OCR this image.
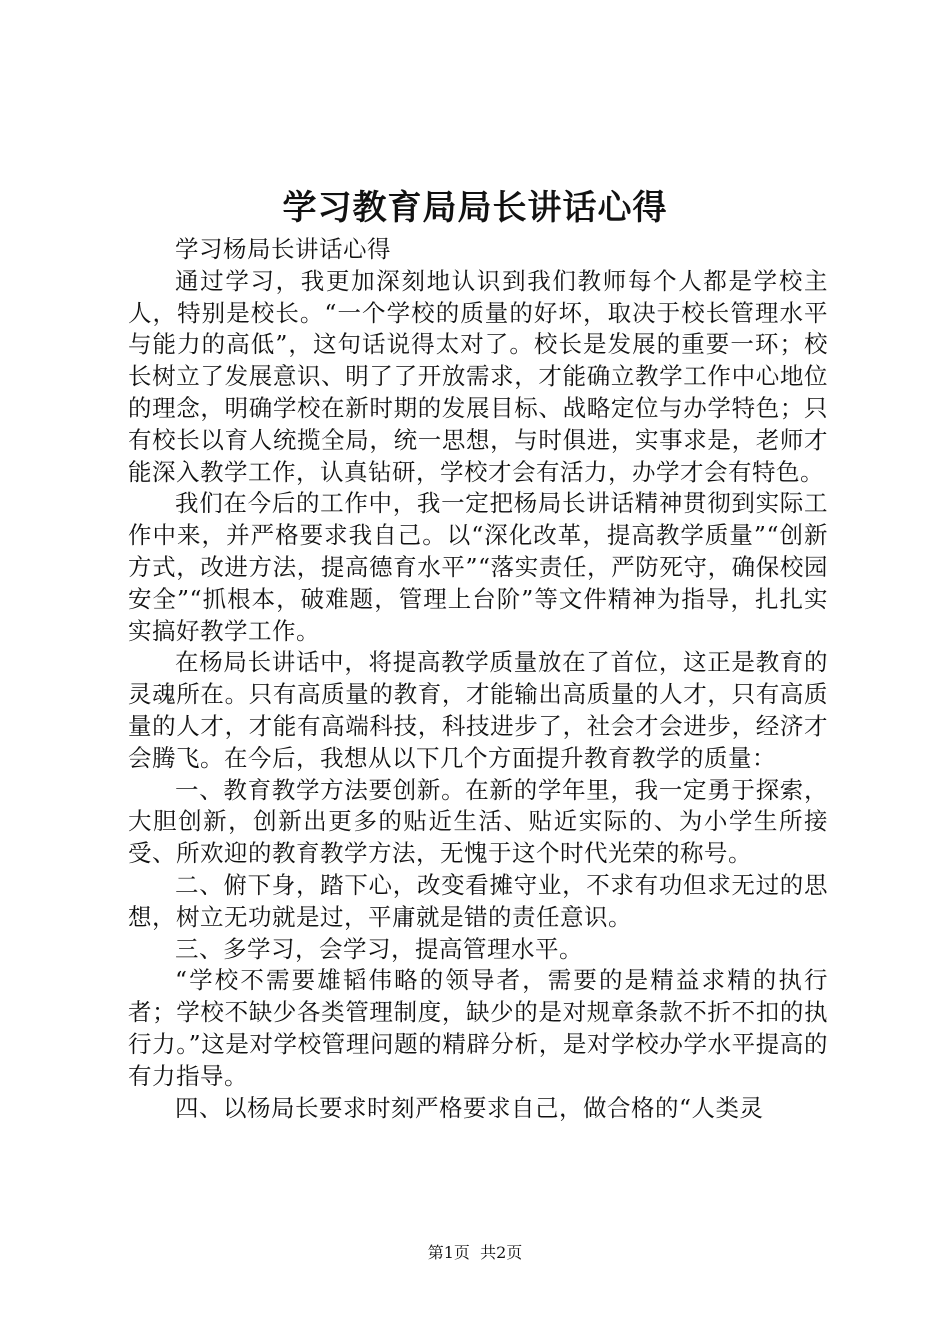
学习教育局局长讲话心得

学习杨局长讲话心得

通过学习，我更加深刻地认识到我们教师每个人都是学校主人，特别是校长。“一个学校的质量的好坏，取决于校长管理水平与能力的高低”，这句话说得太对了。校长是发展的重要一环；校长树立了发展意识、明了了开放需求，才能确立教学工作中心地位的理念，明确学校在新时期的发展目标、战略定位与办学特色；只有校长以育人统揽全局，统一思想，与时俱进，实事求是，老师才能深入教学工作，认真钻研，学校才会有活力，办学才会有特色。

我们在今后的工作中，我一定把杨局长讲话精神贯彻到实际工作中来，并严格要求我自己。以“深化改革，提高教学质量”“创新方式，改进方法，提高德育水平”“落实责任，严防死守，确保校园安全”“抓根本，破难题，管理上台阶”等文件精神为指导，扎扎实实搞好教学工作。

在杨局长讲话中，将提高教学质量放在了首位，这正是教育的灵魂所在。只有高质量的教育，才能输出高质量的人才，只有高质量的人才，才能有高端科技，科技进步了，社会才会进步，经济才会腾飞。在今后，我想从以下几个方面提升教育教学的质量：

一、教育教学方法要创新。在新的学年里，我一定勇于探索，大胆创新，创新出更多的贴近生活、贴近实际的、为小学生所接受、所欢迎的教育教学方法，无愧于这个时代光荣的称号。

二、俯下身，踏下心，改变看摊守业，不求有功但求无过的思想，树立无功就是过，平庸就是错的责任意识。

三、多学习，会学习，提高管理水平。

“学校不需要雄韬伟略的领导者，需要的是精益求精的执行者；学校不缺少各类管理制度，缺少的是对规章条款不折不扣的执行力。”这是对学校管理问题的精辟分析，是对学校办学水平提高的有力指导。

四、以杨局长要求时刻严格要求自己，做合格的“人类灵

第1页  共2页
